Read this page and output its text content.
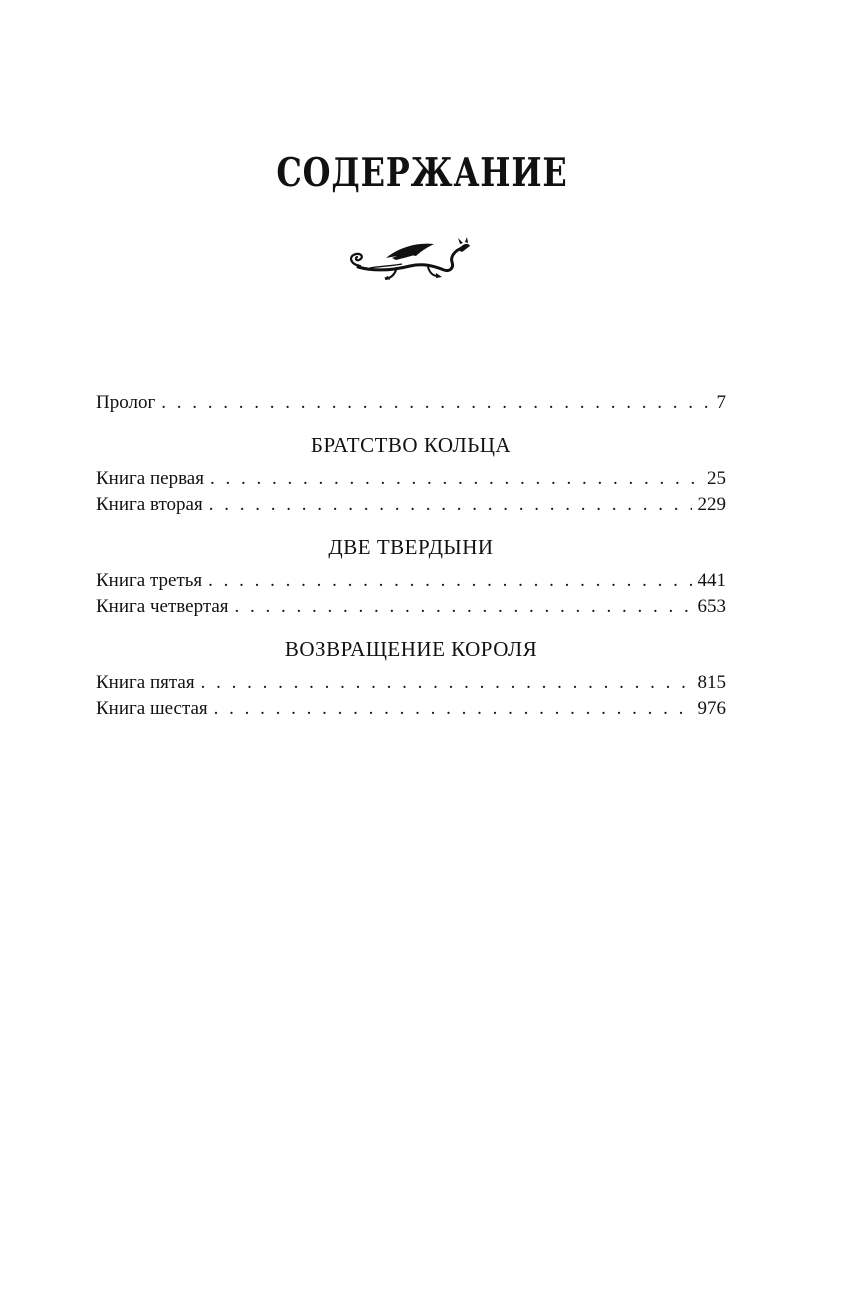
СОДЕРЖАНИЕ
Пролог . . .	7
БРАТСТВО КОЛЬЦА
Книга первая . . .	25
Книга вторая . . .	229
ДВЕ ТВЕРДЫНИ
Книга третья . . .	441
Книга четвертая . . .	653
ВОЗВРАЩЕНИЕ КОРОЛЯ
Книга пятая . . .	815
Книга шестая . . .	976
